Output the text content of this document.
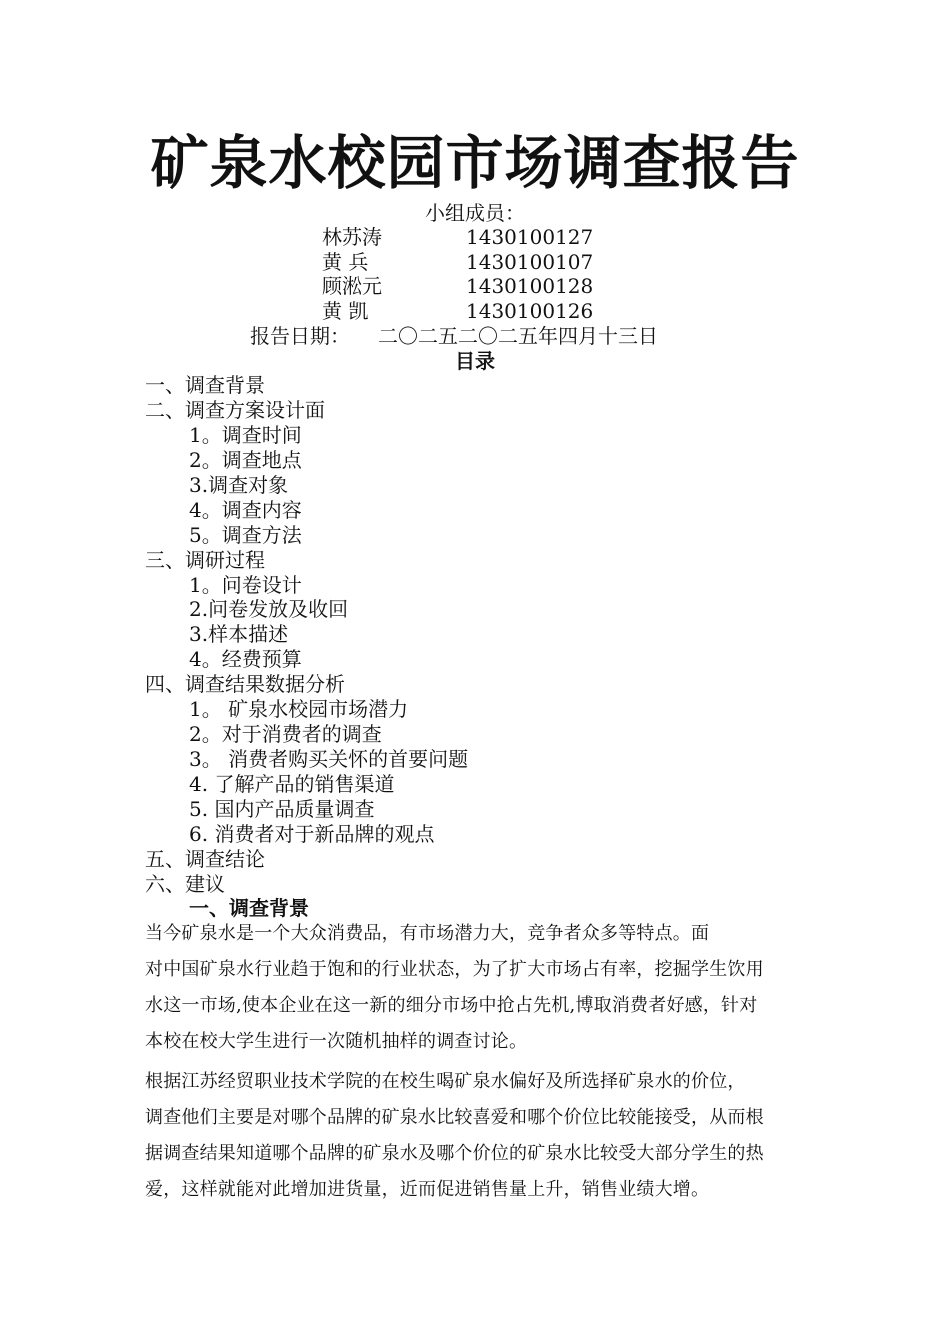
矿泉水校园市场调查报告
小组成员：
林苏涛	1430100127
黄 兵	1430100107
顾淞元	1430100128
黄 凯	1430100126
报告日期： 二〇二五二〇二五年四月十三日
目录
一、调查背景
二、调查方案设计面
1。调查时间
2。调查地点
3.调查对象
4。调查内容
5。调查方法
三、调研过程
1。问卷设计
2.问卷发放及收回
3.样本描述
4。经费预算
四、调查结果数据分析
1。 矿泉水校园市场潜力
2。对于消费者的调查
3。 消费者购买关怀的首要问题
4. 了解产品的销售渠道
5. 国内产品质量调查
6. 消费者对于新品牌的观点
五、调查结论
六、建议
一、调查背景
当今矿泉水是一个大众消费品，有市场潜力大，竞争者众多等特点。面
对中国矿泉水行业趋于饱和的行业状态，为了扩大市场占有率，挖掘学生饮用
水这一市场,使本企业在这一新的细分市场中抢占先机,博取消费者好感，针对
本校在校大学生进行一次随机抽样的调查讨论。
根据江苏经贸职业技术学院的在校生喝矿泉水偏好及所选择矿泉水的价位，
调查他们主要是对哪个品牌的矿泉水比较喜爱和哪个价位比较能接受，从而根
据调查结果知道哪个品牌的矿泉水及哪个价位的矿泉水比较受大部分学生的热
爱，这样就能对此增加进货量，近而促进销售量上升，销售业绩大增。
